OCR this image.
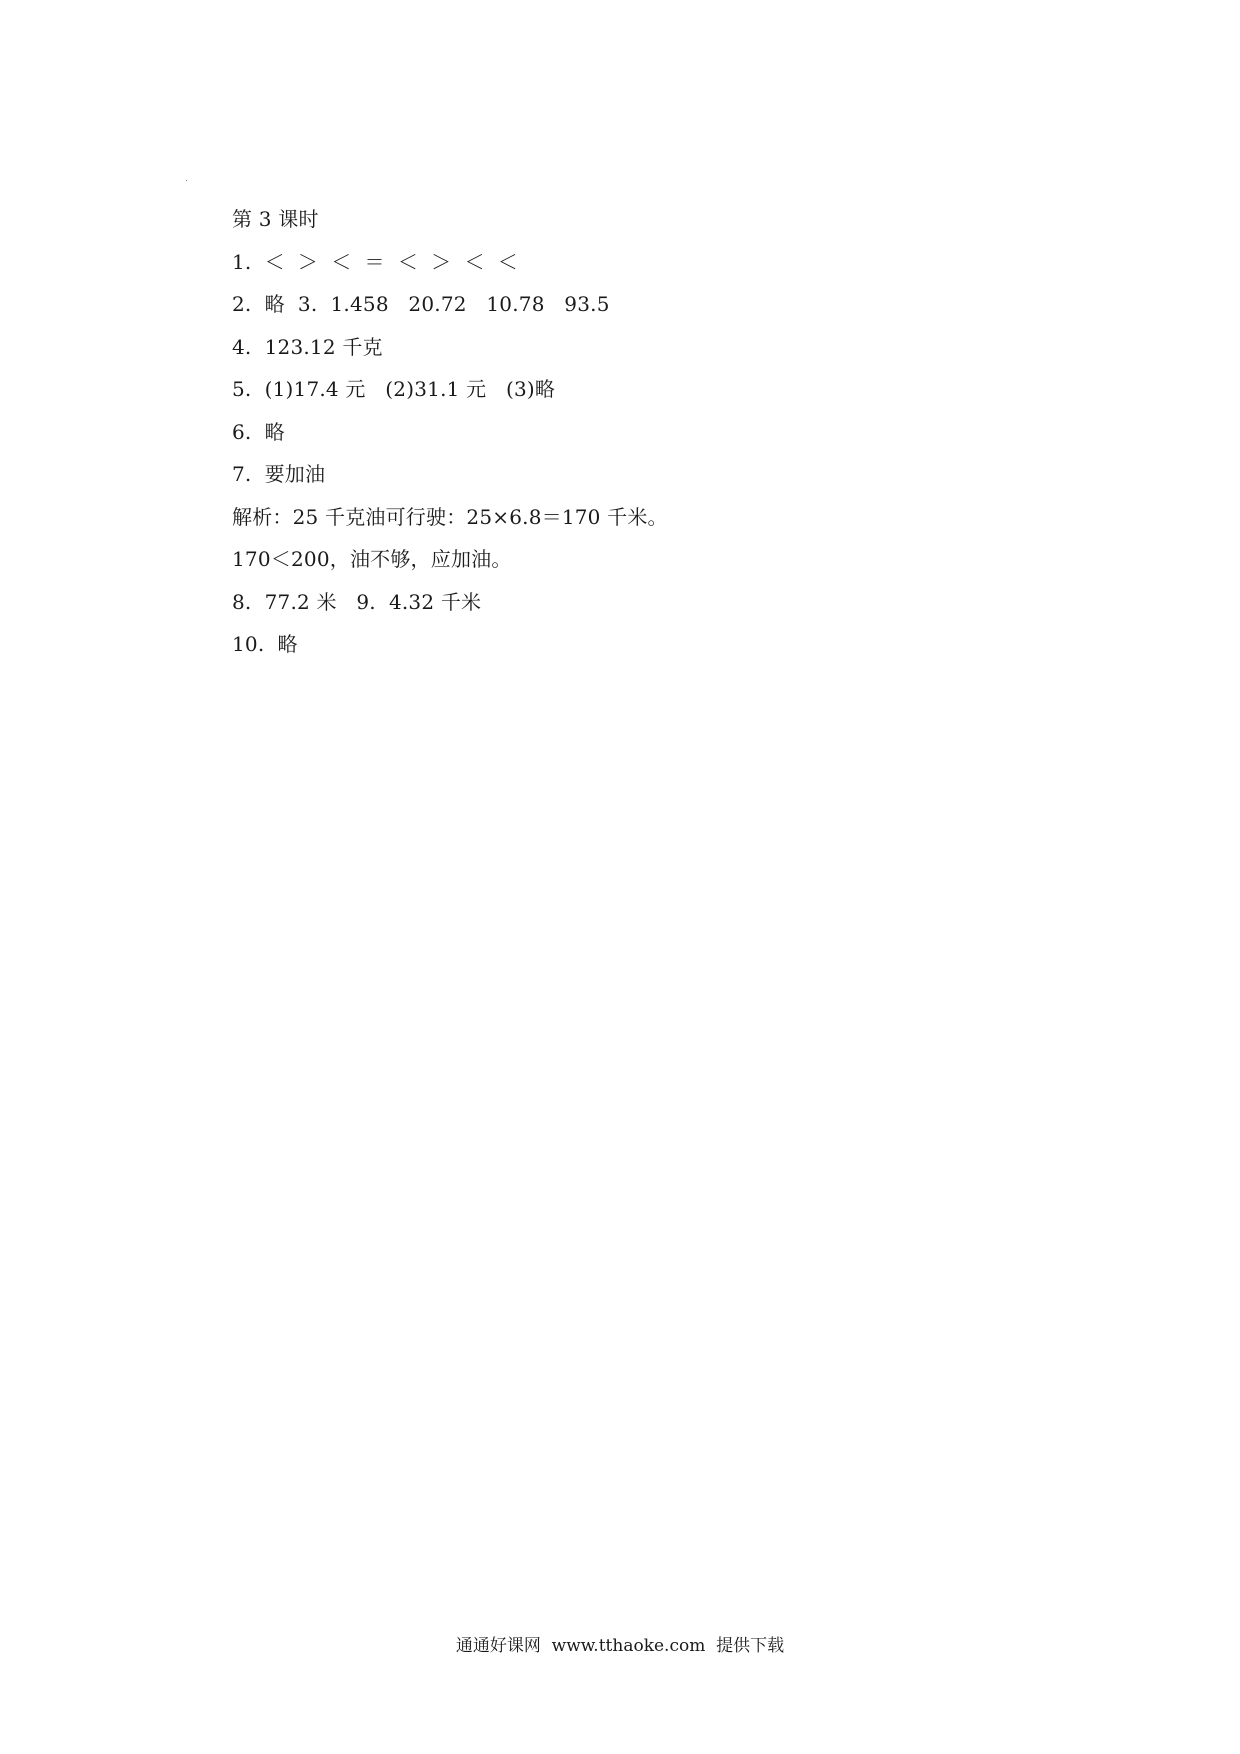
第 3 课时
1.  ＜  ＞  ＜  ＝  ＜  ＞  ＜  ＜
2.  略  3.  1.458   20.72   10.78   93.5
4.  123.12 千克
5.  (1)17.4 元   (2)31.1 元   (3)略
6.  略
7.  要加油
解析：25 千克油可行驶：25×6.8＝170 千米。
170＜200，油不够，应加油。
8.  77.2 米   9.  4.32 千米
10.  略
通通好课网  www.tthaoke.com  提供下载
